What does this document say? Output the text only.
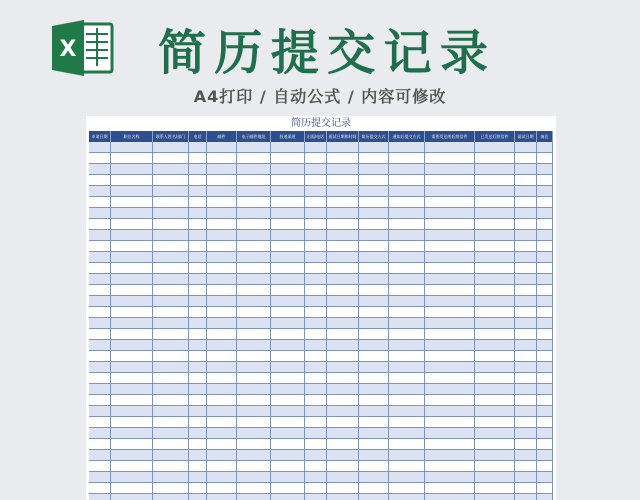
X 简 历 提 交 记 录
A4打印 / 自动公式 / 内容可修改
简历提交记录
申请日期	职位名称	联系人姓名/部门	电话	邮件	电子邮件地址	投递渠道	出面/电话	面试日期和时间	简历提交方式	通知后提交方式	需要发送的后续信件	已发送后续信件	面试日期	备注
